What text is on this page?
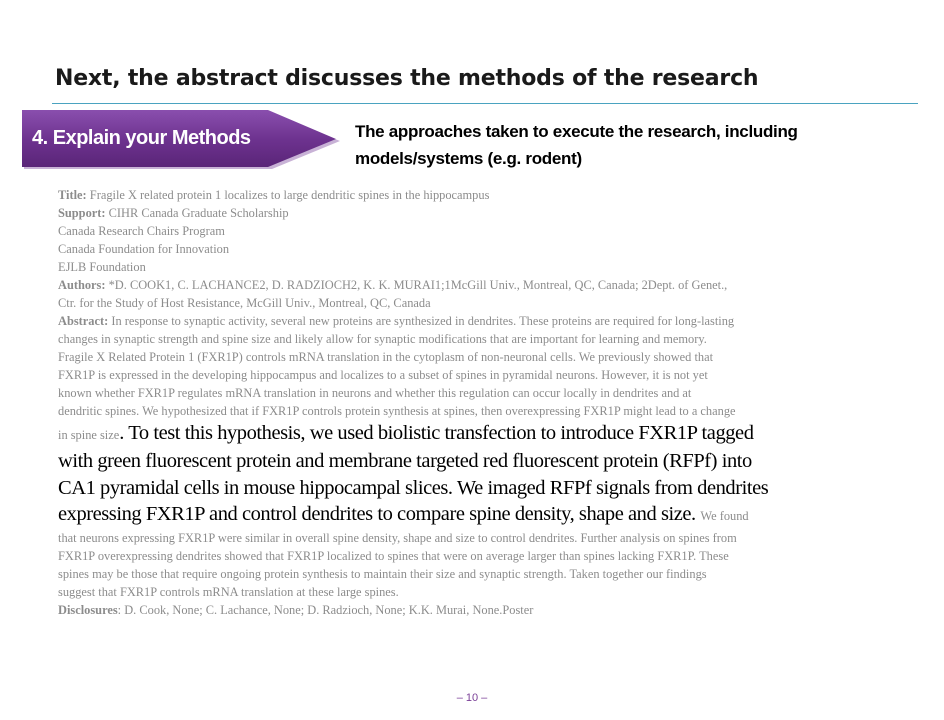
Next, the abstract discusses the methods of the research
4. Explain your Methods	The approaches taken to execute the research, including models/systems (e.g. rodent)
Title: Fragile X related protein 1 localizes to large dendritic spines in the hippocampus
Support: CIHR Canada Graduate Scholarship
Canada Research Chairs Program
Canada Foundation for Innovation
EJLB Foundation
Authors: *D. COOK1, C. LACHANCE2, D. RADZIOCH2, K. K. MURAI1;1McGill Univ., Montreal, QC, Canada; 2Dept. of Genet.,
Ctr. for the Study of Host Resistance, McGill Univ., Montreal, QC, Canada
Abstract: In response to synaptic activity, several new proteins are synthesized in dendrites. These proteins are required for long-lasting
changes in synaptic strength and spine size and likely allow for synaptic modifications that are important for learning and memory.
Fragile X Related Protein 1 (FXR1P) controls mRNA translation in the cytoplasm of non-neuronal cells. We previously showed that
FXR1P is expressed in the developing hippocampus and localizes to a subset of spines in pyramidal neurons. However, it is not yet
known whether FXR1P regulates mRNA translation in neurons and whether this regulation can occur locally in dendrites and at
dendritic spines. We hypothesized that if FXR1P controls protein synthesis at spines, then overexpressing FXR1P might lead to a change
in spine size. To test this hypothesis, we used biolistic transfection to introduce FXR1P tagged
with green fluorescent protein and membrane targeted red fluorescent protein (RFPf) into
CA1 pyramidal cells in mouse hippocampal slices. We imaged RFPf signals from dendrites
expressing FXR1P and control dendrites to compare spine density, shape and size. We found
that neurons expressing FXR1P were similar in overall spine density, shape and size to control dendrites. Further analysis on spines from
FXR1P overexpressing dendrites showed that FXR1P localized to spines that were on average larger than spines lacking FXR1P. These
spines may be those that require ongoing protein synthesis to maintain their size and synaptic strength. Taken together our findings
suggest that FXR1P controls mRNA translation at these large spines.
Disclosures: D. Cook, None; C. Lachance, None; D. Radzioch, None; K.K. Murai, None.Poster
– 10 –
